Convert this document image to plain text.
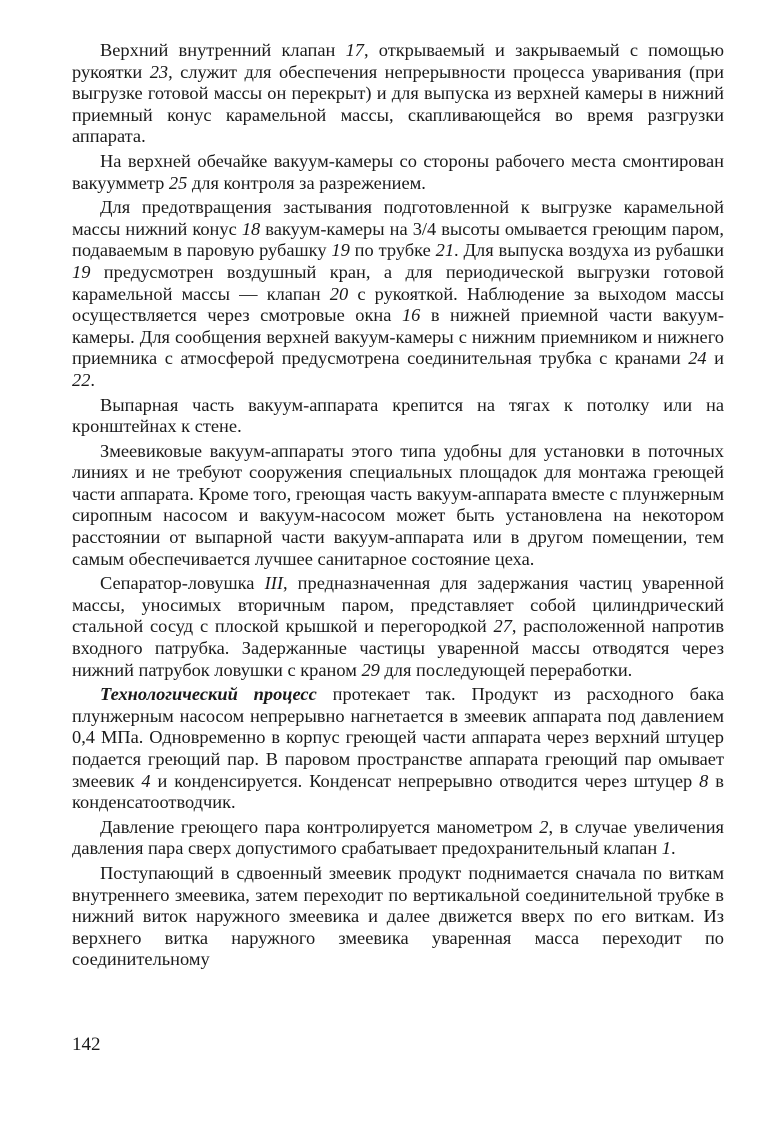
Верхний внутренний клапан 17, открываемый и закрываемый с помощью рукоятки 23, служит для обеспечения непрерывности процесса уваривания (при выгрузке готовой массы он перекрыт) и для выпуска из верхней камеры в нижний приемный конус карамельной массы, скапливающейся во время разгрузки аппарата.

На верхней обечайке вакуум-камеры со стороны рабочего места смонтирован вакуумметр 25 для контроля за разрежением.

Для предотвращения застывания подготовленной к выгрузке карамельной массы нижний конус 18 вакуум-камеры на 3/4 высоты омывается греющим паром, подаваемым в паровую рубашку 19 по трубке 21. Для выпуска воздуха из рубашки 19 предусмотрен воздушный кран, а для периодической выгрузки готовой карамельной массы — клапан 20 с рукояткой. Наблюдение за выходом массы осуществляется через смотровые окна 16 в нижней приемной части вакуум-камеры. Для сообщения верхней вакуум-камеры с нижним приемником и нижнего приемника с атмосферой предусмотрена соединительная трубка с кранами 24 и 22.

Выпарная часть вакуум-аппарата крепится на тягах к потолку или на кронштейнах к стене.

Змеевиковые вакуум-аппараты этого типа удобны для установки в поточных линиях и не требуют сооружения специальных площадок для монтажа греющей части аппарата. Кроме того, греющая часть вакуум-аппарата вместе с плунжерным сиропным насосом и вакуум-насосом может быть установлена на некотором расстоянии от выпарной части вакуум-аппарата или в другом помещении, тем самым обеспечивается лучшее санитарное состояние цеха.

Сепаратор-ловушка III, предназначенная для задержания частиц уваренной массы, уносимых вторичным паром, представляет собой цилиндрический стальной сосуд с плоской крышкой и перегородкой 27, расположенной напротив входного патрубка. Задержанные частицы уваренной массы отводятся через нижний патрубок ловушки с краном 29 для последующей переработки.

Технологический процесс протекает так. Продукт из расходного бака плунжерным насосом непрерывно нагнетается в змеевик аппарата под давлением 0,4 МПа. Одновременно в корпус греющей части аппарата через верхний штуцер подается греющий пар. В паровом пространстве аппарата греющий пар омывает змеевик 4 и конденсируется. Конденсат непрерывно отводится через штуцер 8 в конденсатоотводчик.

Давление греющего пара контролируется манометром 2, в случае увеличения давления пара сверх допустимого срабатывает предохранительный клапан 1.

Поступающий в сдвоенный змеевик продукт поднимается сначала по виткам внутреннего змеевика, затем переходит по вертикальной соединительной трубке в нижний виток наружного змеевика и далее движется вверх по его виткам. Из верхнего витка наружного змеевика уваренная масса переходит по соединительному

142
